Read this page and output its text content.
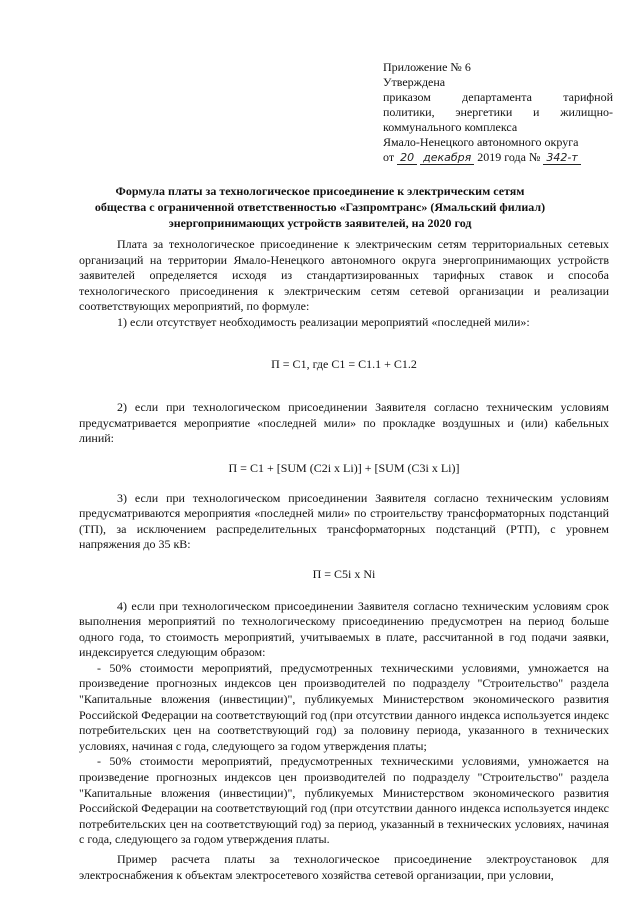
Приложение № 6
Утверждена
приказом департамента тарифной
политики, энергетики и жилищно-
коммунального комплекса
Ямало-Ненецкого автономного округа
от 20 декабря 2019 года № 342-т
Формула платы за технологическое присоединение к электрическим сетям
общества с ограниченной ответственностью «Газпромтранс» (Ямальский филиал)
энергопринимающих устройств заявителей, на 2020 год

Плата за технологическое присоединение к электрическим сетям территориальных сетевых организаций на территории Ямало-Ненецкого автономного округа энергопринимающих устройств заявителей определяется исходя из стандартизированных тарифных ставок и способа технологического присоединения к электрическим сетям сетевой организации и реализации соответствующих мероприятий, по формуле:

1) если отсутствует необходимость реализации мероприятий «последней мили»:

П = С1, где С1 = С1.1 + С1.2

2) если при технологическом присоединении Заявителя согласно техническим условиям предусматривается мероприятие «последней мили» по прокладке воздушных и (или) кабельных линий:

П = С1 + [SUM (C2i x Li)] + [SUM (C3i x Li)]

3) если при технологическом присоединении Заявителя согласно техническим условиям предусматриваются мероприятия «последней мили» по строительству трансформаторных подстанций (ТП), за исключением распределительных трансформаторных подстанций (РТП), с уровнем напряжения до 35 кВ:

П = С5i x Ni

4) если при технологическом присоединении Заявителя согласно техническим условиям срок выполнения мероприятий по технологическому присоединению предусмотрен на период больше одного года, то стоимость мероприятий, учитываемых в плате, рассчитанной в год подачи заявки, индексируется следующим образом:

- 50% стоимости мероприятий, предусмотренных техническими условиями, умножается на произведение прогнозных индексов цен производителей по подразделу "Строительство" раздела "Капитальные вложения (инвестиции)", публикуемых Министерством экономического развития Российской Федерации на соответствующий год (при отсутствии данного индекса используется индекс потребительских цен на соответствующий год) за половину периода, указанного в технических условиях, начиная с года, следующего за годом утверждения платы;

- 50% стоимости мероприятий, предусмотренных техническими условиями, умножается на произведение прогнозных индексов цен производителей по подразделу "Строительство" раздела "Капитальные вложения (инвестиции)", публикуемых Министерством экономического развития Российской Федерации на соответствующий год (при отсутствии данного индекса используется индекс потребительских цен на соответствующий год) за период, указанный в технических условиях, начиная с года, следующего за годом утверждения платы.

Пример расчета платы за технологическое присоединение электроустановок для электроснабжения к объектам электросетевого хозяйства сетевой организации, при условии,
